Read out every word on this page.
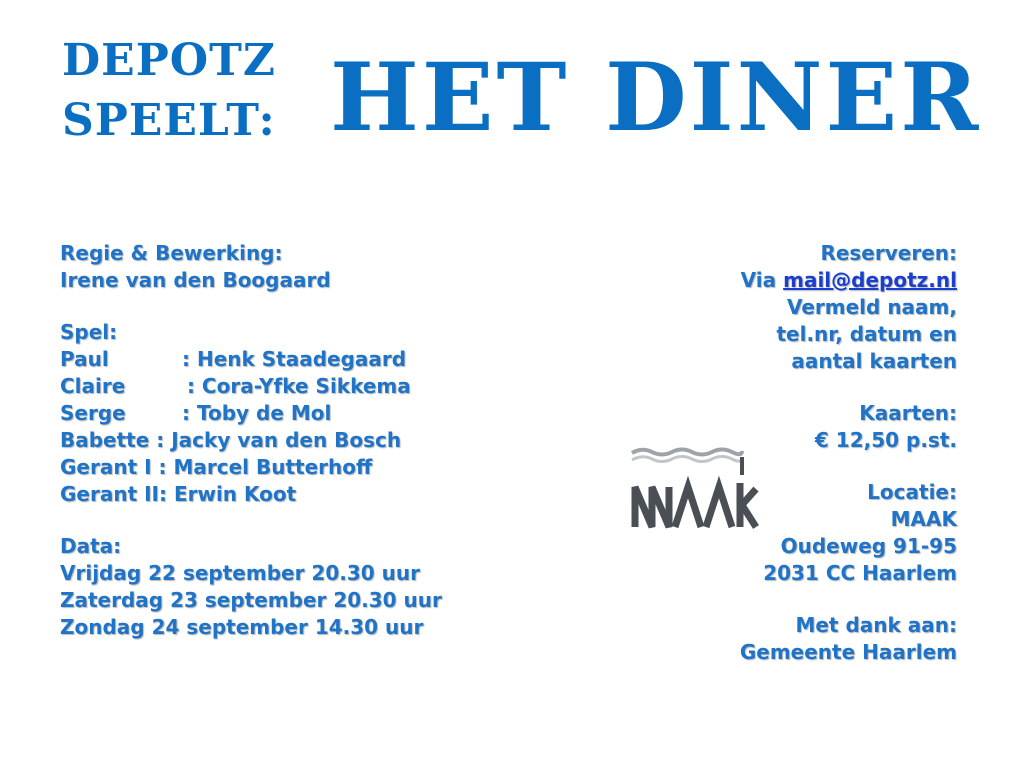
DEPOTZ
SPEELT: HET DINER
Regie & Bewerking:
Irene van den Boogaard
Spel:
Paul	: Henk Staadegaard
Claire	: Cora-Yfke Sikkema
Serge	: Toby de Mol
Babette : Jacky van den Bosch
Gerant I : Marcel Butterhoff
Gerant II: Erwin Koot
Data:
Vrijdag 22 september 20.30 uur
Zaterdag 23 september 20.30 uur
Zondag 24 september 14.30 uur
Reserveren:
Via mail@depotz.nl
Vermeld naam,
tel.nr, datum en
aantal kaarten
Kaarten:
€ 12,50 p.st.
Locatie:
MAAK
Oudeweg 91-95
2031 CC Haarlem
Met dank aan:
Gemeente Haarlem
